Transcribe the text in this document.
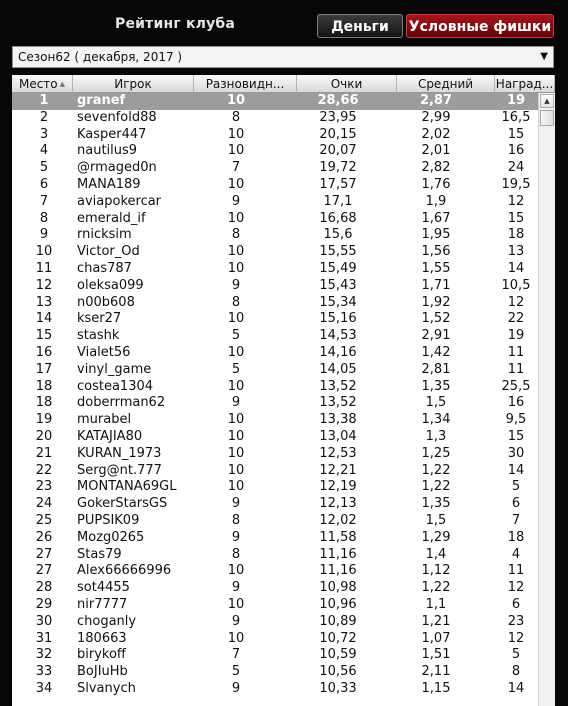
Рейтинг клуба	Деньги	Условные фишки
Сезон62 ( декабря, 2017 )	▼
Место ▲	Игрок	Разновидн...	Очки	Средний	Наград...
1	granef	10	28,66	2,87	19
2	sevenfold88	8	23,95	2,99	16,5
3	Kasper447	10	20,15	2,02	15
4	nautilus9	10	20,07	2,01	16
5	@rmaged0n	7	19,72	2,82	24
6	MANA189	10	17,57	1,76	19,5
7	aviapokercar	9	17,1	1,9	12
8	emerald_if	10	16,68	1,67	15
9	rnicksim	8	15,6	1,95	18
10	Victor_Od	10	15,55	1,56	13
11	chas787	10	15,49	1,55	14
12	oleksa099	9	15,43	1,71	10,5
13	n00b608	8	15,34	1,92	12
14	kser27	10	15,16	1,52	22
15	stashk	5	14,53	2,91	19
16	Vialet56	10	14,16	1,42	11
17	vinyl_game	5	14,05	2,81	11
18	costea1304	10	13,52	1,35	25,5
18	doberrman62	9	13,52	1,5	16
19	murabel	10	13,38	1,34	9,5
20	KATAJIA80	10	13,04	1,3	15
21	KURAN_1973	10	12,53	1,25	30
22	Serg@nt.777	10	12,21	1,22	14
23	MONTANA69GL	10	12,19	1,22	5
24	GokerStarsGS	9	12,13	1,35	6
25	PUPSIK09	8	12,02	1,5	7
26	Mozg0265	9	11,58	1,29	18
27	Stas79	8	11,16	1,4	4
27	Alex66666996	10	11,16	1,12	11
28	sot4455	9	10,98	1,22	12
29	nir7777	10	10,96	1,1	6
30	choganly	9	10,89	1,21	23
31	180663	10	10,72	1,07	12
32	birykoff	7	10,59	1,51	5
33	BoJIuHb	5	10,56	2,11	8
34	Slvanych	9	10,33	1,15	14
▲
